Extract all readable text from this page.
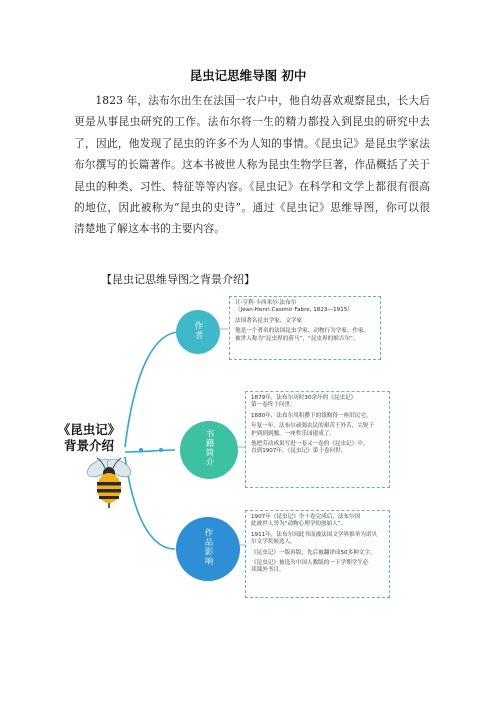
昆虫记思维导图 初中

1823 年，法布尔出生在法国一农户中，他自幼喜欢观察昆虫，长大后更是从事昆虫研究的工作。法布尔将一生的精力都投入到昆虫的研究中去了，因此，他发现了昆虫的许多不为人知的事情。《昆虫记》是昆虫学家法布尔撰写的长篇著作。这本书被世人称为昆虫生物学巨著，作品概括了关于昆虫的种类、习性、特征等等内容。《昆虫记》在科学和文学上都很有很高的地位，因此被称为“昆虫的史诗”。通过《昆虫记》思维导图，你可以很清楚地了解这本书的主要内容。

【昆虫记思维导图之背景介绍】
《昆虫记》
背景介绍
作者
书籍简介
作品影响

让·亨利·卡西米尔·法布尔

（Jean-Henri Casimir Fabre, 1823—1915）

法国著名昆虫学家、文学家

他是一个著名的法国昆虫学家、动物行为学家、作家。

被世人称为“昆虫界的荷马”，“昆虫界的维吉尔”。

1879年，法布尔历时30余年的《昆虫记》

第一卷终于问世。

1880年，法布尔用积攒下的钱购得一座旧民宅。

年复一年，法布尔顽强农民的艰苦于外苦，尖锐于

护到到到腰，一座哲乐园建成了。

他把劳动成果写进一卷又一卷的《昆虫记》中，

直到1907年，《昆虫记》第十卷问世。

1907年《昆虫记》全十卷完成后，法布尔因

此被世人誉为“动物心理学的创始人”。

1911年，法布尔因此书而被法国文学界推举为诺贝

尔文学奖候选人。

《昆虫记》一版再版，先后被翻译成50多种文字。

《昆虫记》被选为中国人教版的一下学期学生必

读课外书目。
